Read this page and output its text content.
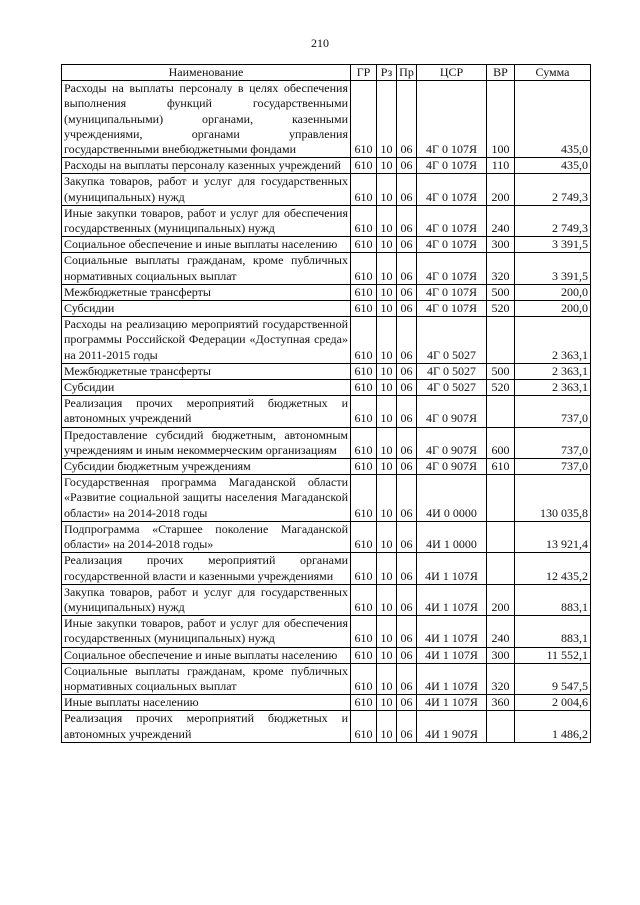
210
Наименование	ГР	Рз	Пр	ЦСР	ВР	Сумма
Расходы на выплаты персоналу в целях обеспечения выполнения функций государственными (муниципальными) органами, казенными учреждениями, органами управления государственными внебюджетными фондами	610	10	06	4Г 0 107Я	100	435,0
Расходы на выплаты персоналу казенных учреждений	610	10	06	4Г 0 107Я	110	435,0
Закупка товаров, работ и услуг для государственных (муниципальных) нужд	610	10	06	4Г 0 107Я	200	2 749,3
Иные закупки товаров, работ и услуг для обеспечения государственных (муниципальных) нужд	610	10	06	4Г 0 107Я	240	2 749,3
Социальное обеспечение и иные выплаты населению	610	10	06	4Г 0 107Я	300	3 391,5
Социальные выплаты гражданам, кроме публичных нормативных социальных выплат	610	10	06	4Г 0 107Я	320	3 391,5
Межбюджетные трансферты	610	10	06	4Г 0 107Я	500	200,0
Субсидии	610	10	06	4Г 0 107Я	520	200,0
Расходы на реализацию мероприятий государственной программы Российской Федерации «Доступная среда» на 2011-2015 годы	610	10	06	4Г 0 5027		2 363,1
Межбюджетные трансферты	610	10	06	4Г 0 5027	500	2 363,1
Субсидии	610	10	06	4Г 0 5027	520	2 363,1
Реализация прочих мероприятий бюджетных и автономных учреждений	610	10	06	4Г 0 907Я		737,0
Предоставление субсидий бюджетным, автономным учреждениям и иным некоммерческим организациям	610	10	06	4Г 0 907Я	600	737,0
Субсидии бюджетным учреждениям	610	10	06	4Г 0 907Я	610	737,0
Государственная программа Магаданской области «Развитие социальной защиты населения Магаданской области» на 2014-2018 годы	610	10	06	4И 0 0000		130 035,8
Подпрограмма «Старшее поколение Магаданской области» на 2014-2018 годы»	610	10	06	4И 1 0000		13 921,4
Реализация прочих мероприятий органами государственной власти и казенными учреждениями	610	10	06	4И 1 107Я		12 435,2
Закупка товаров, работ и услуг для государственных (муниципальных) нужд	610	10	06	4И 1 107Я	200	883,1
Иные закупки товаров, работ и услуг для обеспечения государственных (муниципальных) нужд	610	10	06	4И 1 107Я	240	883,1
Социальное обеспечение и иные выплаты населению	610	10	06	4И 1 107Я	300	11 552,1
Социальные выплаты гражданам, кроме публичных нормативных социальных выплат	610	10	06	4И 1 107Я	320	9 547,5
Иные выплаты населению	610	10	06	4И 1 107Я	360	2 004,6
Реализация прочих мероприятий бюджетных и автономных учреждений	610	10	06	4И 1 907Я		1 486,2
